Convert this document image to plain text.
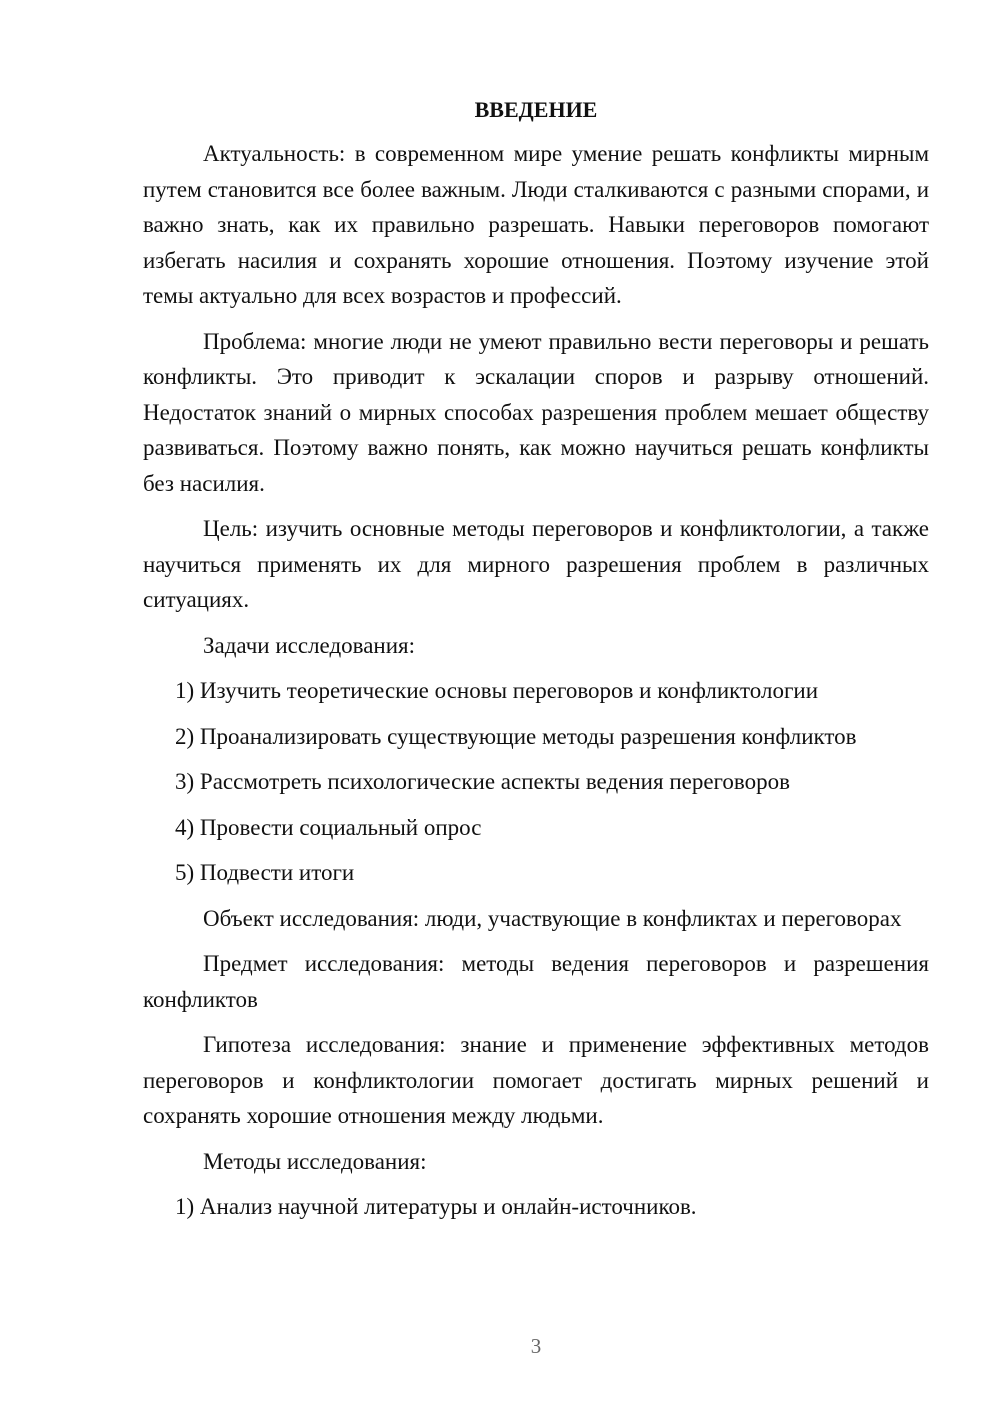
ВВЕДЕНИЕ

Актуальность: в современном мире умение решать конфликты мирным путем становится все более важным. Люди сталкиваются с разными спорами, и важно знать, как их правильно разрешать. Навыки переговоров помогают избегать насилия и сохранять хорошие отношения. Поэтому изучение этой темы актуально для всех возрастов и профессий.

Проблема: многие люди не умеют правильно вести переговоры и решать конфликты. Это приводит к эскалации споров и разрыву отношений. Недостаток знаний о мирных способах разрешения проблем мешает обществу развиваться. Поэтому важно понять, как можно научиться решать конфликты без насилия.

Цель: изучить основные методы переговоров и конфликтологии, а также научиться применять их для мирного разрешения проблем в различных ситуациях.

Задачи исследования:

1) Изучить теоретические основы переговоров и конфликтологии
2) Проанализировать существующие методы разрешения конфликтов
3) Рассмотреть психологические аспекты ведения переговоров
4) Провести социальный опрос
5) Подвести итоги

Объект исследования: люди, участвующие в конфликтах и переговорах

Предмет исследования: методы ведения переговоров и разрешения конфликтов

Гипотеза исследования: знание и применение эффективных методов переговоров и конфликтологии помогает достигать мирных решений и сохранять хорошие отношения между людьми.

Методы исследования:

1) Анализ научной литературы и онлайн-источников.
3
